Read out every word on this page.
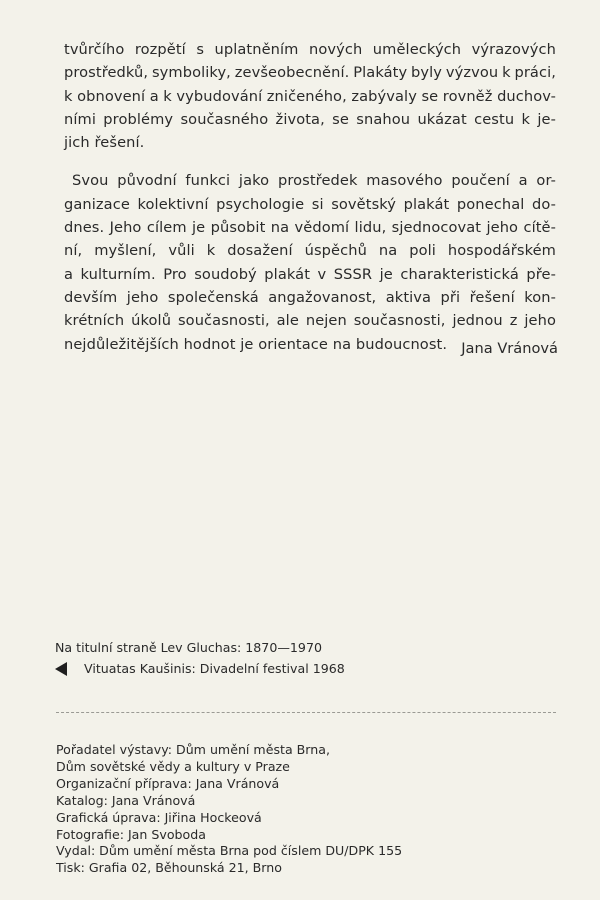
tvůrčího rozpětí s uplatněním nových uměleckých výrazových
prostředků, symboliky, zevšeobecnění. Plakáty byly výzvou k práci,
k obnovení a k vybudování zničeného, zabývaly se rovněž duchov-
ními problémy současného života, se snahou ukázat cestu k je-
jich řešení.

Svou původní funkci jako prostředek masového poučení a or-
ganizace kolektivní psychologie si sovětský plakát ponechal do-
dnes. Jeho cílem je působit na vědomí lidu, sjednocovat jeho cítě-
ní, myšlení, vůli k dosažení úspěchů na poli hospodářském
a kulturním. Pro soudobý plakát v SSSR je charakteristická pře-
devším jeho společenská angažovanost, aktiva při řešení kon-
krétních úkolů současnosti, ale nejen současnosti, jednou z jeho
nejdůležitějších hodnot je orientace na budoucnost. Jana Vránová
Na titulní straně Lev Gluchas: 1870—1970
Vituatas Kaušinis: Divadelní festival 1968
Pořadatel výstavy: Dům umění města Brna,
Dům sovětské vědy a kultury v Praze
Organizační příprava: Jana Vránová
Katalog: Jana Vránová
Grafická úprava: Jiřina Hockeová
Fotografie: Jan Svoboda
Vydal: Dům umění města Brna pod číslem DU/DPK 155
Tisk: Grafia 02, Běhounská 21, Brno
